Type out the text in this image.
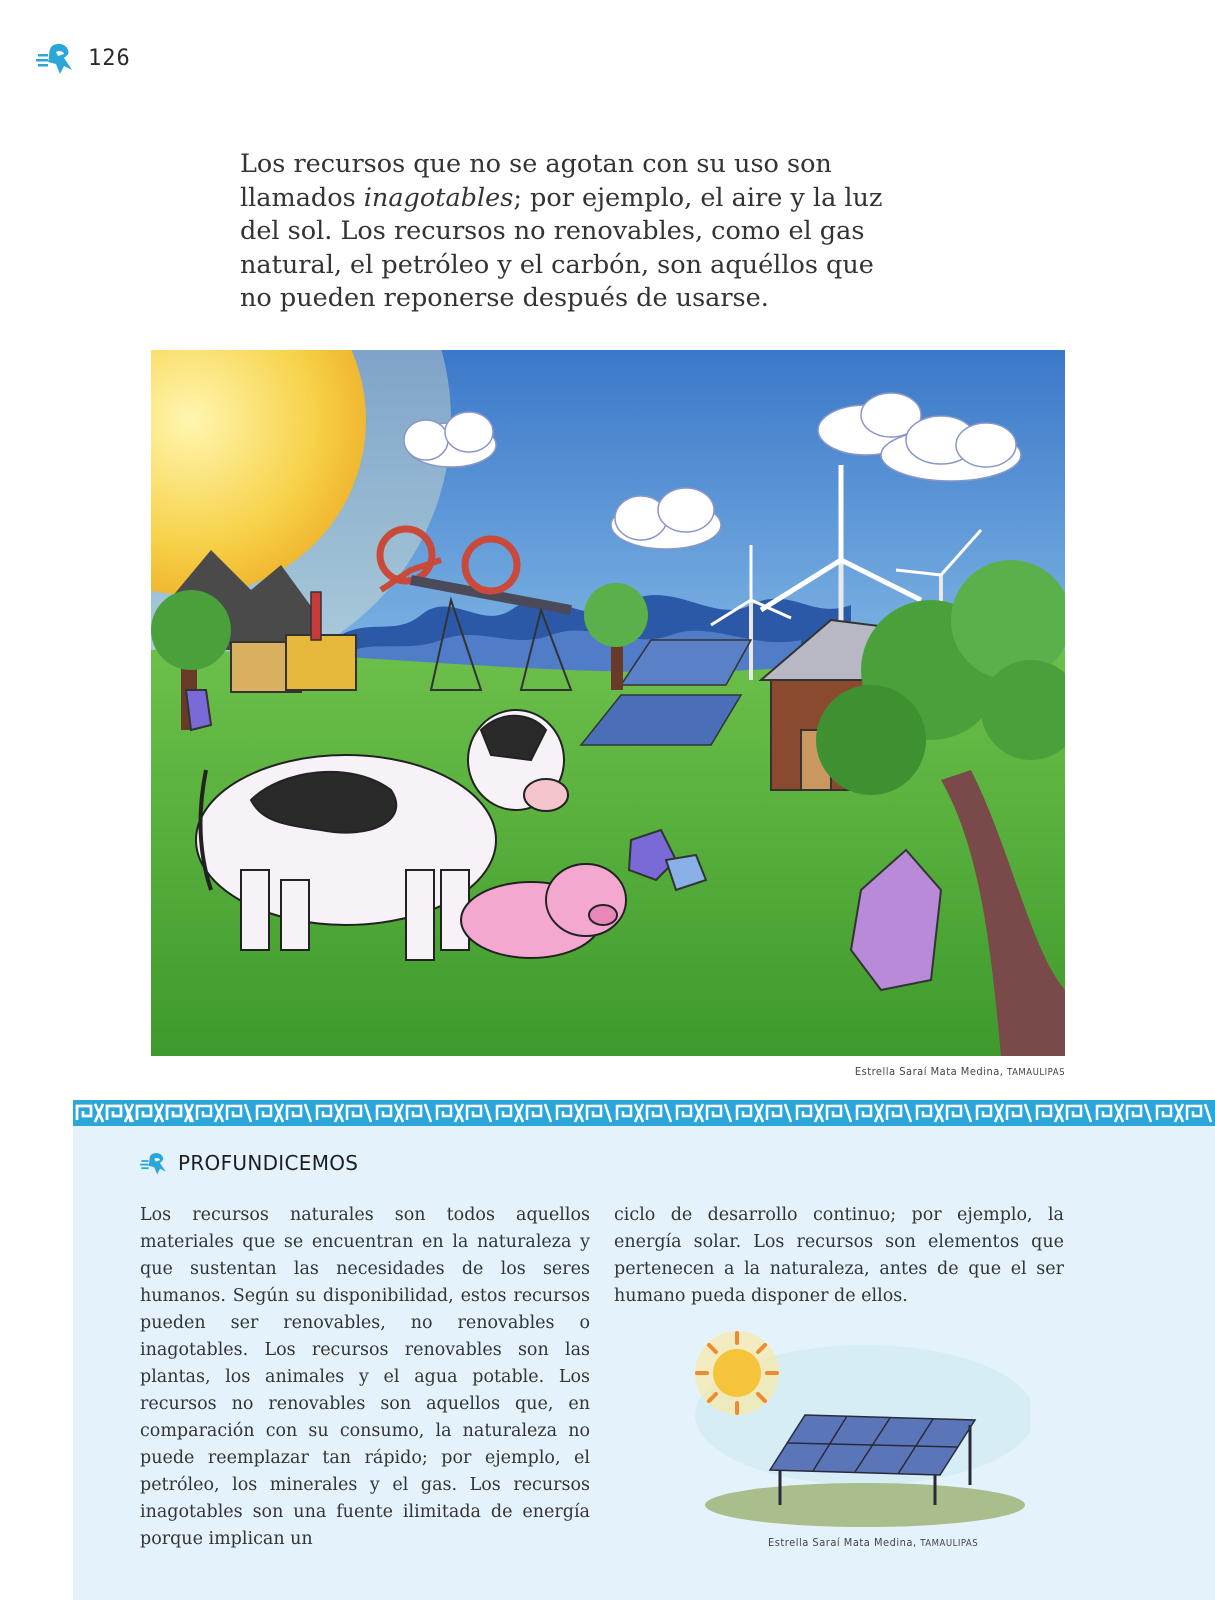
126

Los recursos que no se agotan con su uso son llamados inagotables; por ejemplo, el aire y la luz del sol. Los recursos no renovables, como el gas natural, el petróleo y el carbón, son aquéllos que no pueden reponerse después de usarse.

Estrella Saraí Mata Medina, TAMAULIPAS
PROFUNDICEMOS

Los recursos naturales son todos aquellos materiales que se encuentran en la naturaleza y que sustentan las necesidades de los seres humanos. Según su disponibilidad, estos recursos pueden ser renovables, no renovables o inagotables. Los recursos renovables son las plantas, los animales y el agua potable. Los recursos no renovables son aquellos que, en comparación con su consumo, la naturaleza no puede reemplazar tan rápido; por ejemplo, el petróleo, los minerales y el gas. Los recursos inagotables son una fuente ilimitada de energía porque implican un

ciclo de desarrollo continuo; por ejemplo, la energía solar. Los recursos son elementos que pertenecen a la naturaleza, antes de que el ser humano pueda disponer de ellos.

Estrella Saraí Mata Medina, TAMAULIPAS
